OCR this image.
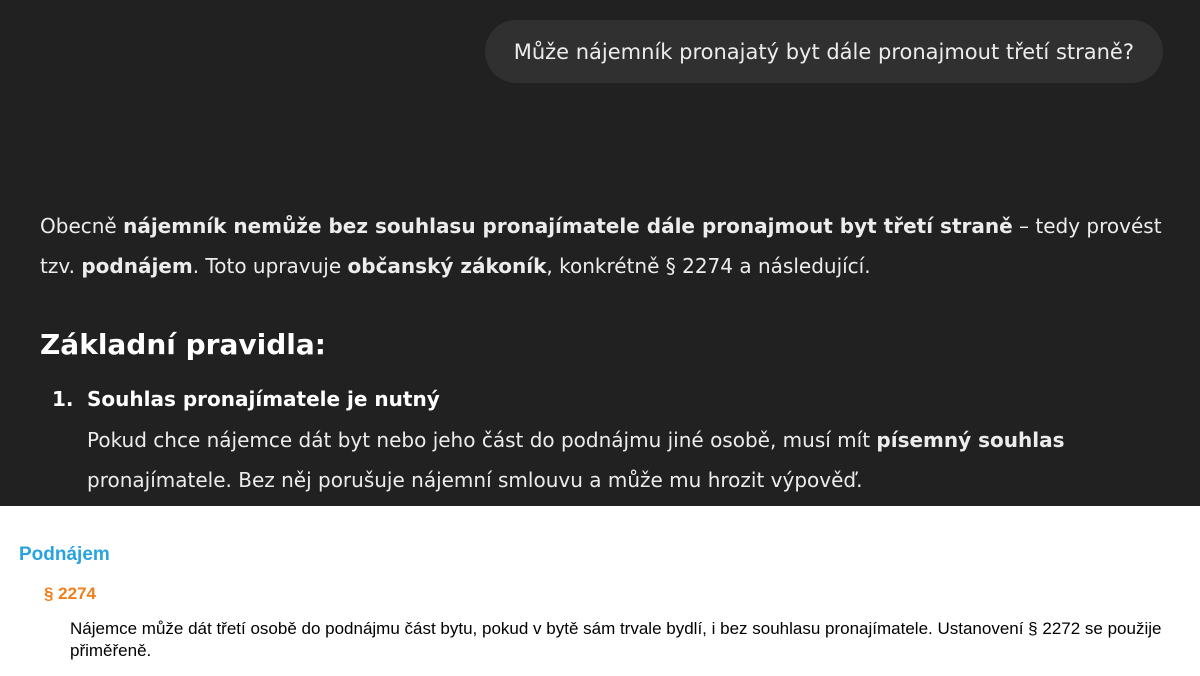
Může nájemník pronajatý byt dále pronajmout třetí straně?

Obecně nájemník nemůže bez souhlasu pronajímatele dále pronajmout byt třetí straně – tedy provést tzv. podnájem. Toto upravuje občanský zákoník, konkrétně § 2274 a následující.

Základní pravidla:
1. Souhlas pronajímatele je nutný

Pokud chce nájemce dát byt nebo jeho část do podnájmu jiné osobě, musí mít písemný souhlas pronajímatele. Bez něj porušuje nájemní smlouvu a může mu hrozit výpověď.

Podnájem
§ 2274

Nájemce může dát třetí osobě do podnájmu část bytu, pokud v bytě sám trvale bydlí, i bez souhlasu pronajímatele. Ustanovení § 2272 se použije přiměřeně.
